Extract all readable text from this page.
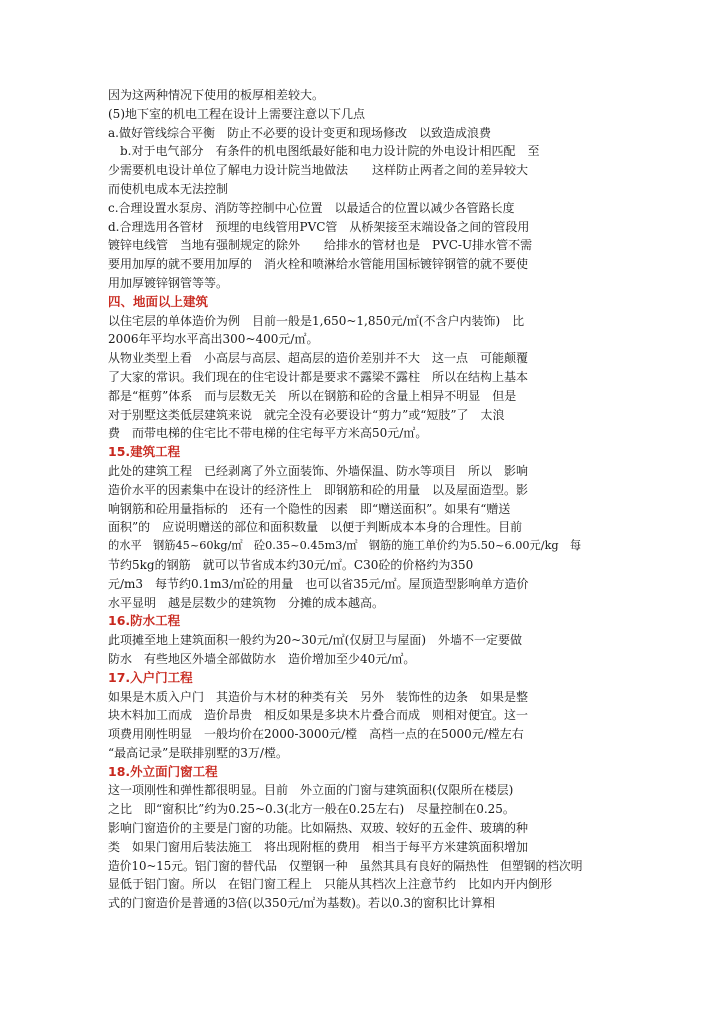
因为这两种情况下使用的板厚相差较大。
(5)地下室的机电工程在设计上需要注意以下几点
a.做好管线综合平衡　防止不必要的设计变更和现场修改　以致造成浪费
　b.对于电气部分　有条件的机电图纸最好能和电力设计院的外电设计相匹配　至
少需要机电设计单位了解电力设计院当地做法　　这样防止两者之间的差异较大
而使机电成本无法控制
c.合理设置水泵房、消防等控制中心位置　以最适合的位置以减少各管路长度
d.合理选用各管材　预埋的电线管用PVC管　从桥架接至末端设备之间的管段用
镀锌电线管　当地有强制规定的除外　　给排水的管材也是　PVC-U排水管不需
要用加厚的就不要用加厚的　消火栓和喷淋给水管能用国标镀锌钢管的就不要使
用加厚镀锌钢管等等。
四、地面以上建筑
以住宅层的单体造价为例　目前一般是1,650~1,850元/㎡(不含户内装饰)　比
2006年平均水平高出300~400元/㎡。
从物业类型上看　小高层与高层、超高层的造价差别并不大　这一点　可能颠覆
了大家的常识。我们现在的住宅设计都是要求不露梁不露柱　所以在结构上基本
都是“框剪”体系　而与层数无关　所以在钢筋和砼的含量上相异不明显　但是
对于别墅这类低层建筑来说　就完全没有必要设计“剪力”或“短肢”了　太浪
费　而带电梯的住宅比不带电梯的住宅每平方米高50元/㎡。
15.建筑工程
此处的建筑工程　已经剥离了外立面装饰、外墙保温、防水等项目　所以　影响
造价水平的因素集中在设计的经济性上　即钢筋和砼的用量　以及屋面造型。影
响钢筋和砼用量指标的　还有一个隐性的因素　即“赠送面积”。如果有“赠送
面积”的　应说明赠送的部位和面积数量　以便于判断成本本身的合理性。目前
的水平　钢筋45~60kg/㎡　砼0.35~0.45m3/㎡　钢筋的施工单价约为5.50~6.00元/kg　每
节约5kg的钢筋　就可以节省成本约30元/㎡。C30砼的价格约为350
元/m3　每节约0.1m3/㎡砼的用量　也可以省35元/㎡。屋顶造型影响单方造价
水平显明　越是层数少的建筑物　分摊的成本越高。
16.防水工程
此项摊至地上建筑面积一般约为20~30元/㎡(仅厨卫与屋面)　外墙不一定要做
防水　有些地区外墙全部做防水　造价增加至少40元/㎡。
17.入户门工程
如果是木质入户门　其造价与木材的种类有关　另外　装饰性的边条　如果是整
块木料加工而成　造价昂贵　相反如果是多块木片叠合而成　则相对便宜。这一
项费用刚性明显　一般均价在2000-3000元/樘　高档一点的在5000元/樘左右
“最高记录”是联排别墅的3万/樘。
18.外立面门窗工程
这一项刚性和弹性都很明显。目前　外立面的门窗与建筑面积(仅限所在楼层)
之比　即“窗积比”约为0.25~0.3(北方一般在0.25左右)　尽量控制在0.25。
影响门窗造价的主要是门窗的功能。比如隔热、双玻、较好的五金件、玻璃的种
类　如果门窗用后装法施工　将出现附框的费用　相当于每平方米建筑面积增加
造价10~15元。铝门窗的替代品　仅塑钢一种　虽然其具有良好的隔热性　但塑钢的档次明
显低于铝门窗。所以　在铝门窗工程上　只能从其档次上注意节约　比如内开内倒形
式的门窗造价是普通的3倍(以350元/㎡为基数)。若以0.3的窗积比计算相
